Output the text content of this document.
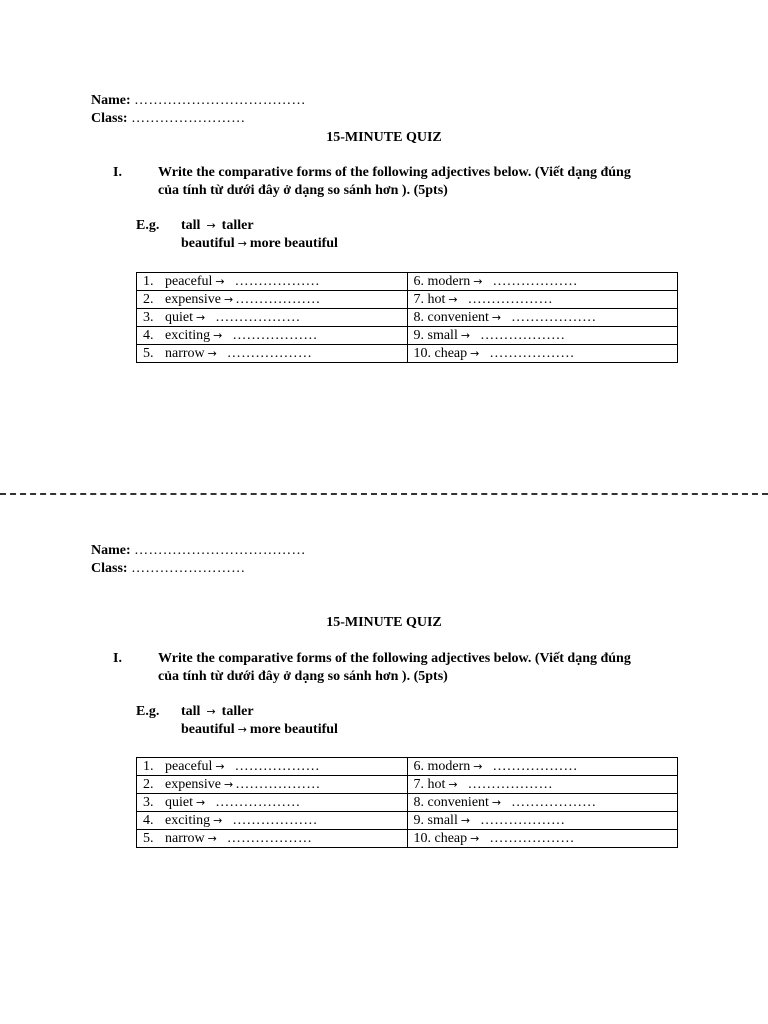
Name: ………………………………
Class: ……………………
15-MINUTE QUIZ
I.	Write the comparative forms of the following adjectives below. (Viết dạng đúng
của tính từ dưới đây ở dạng so sánh hơn ). (5pts)
E.g. tall → taller
beautiful → more beautiful
1. peaceful → ………………	6. modern → ………………
2. expensive → ………………	7. hot → ………………
3. quiet → ………………	8. convenient → ………………
4. exciting → ………………	9. small → ………………
5. narrow → ………………	10. cheap → ………………
Name: ………………………………
Class: ……………………
15-MINUTE QUIZ
I.	Write the comparative forms of the following adjectives below. (Viết dạng đúng
của tính từ dưới đây ở dạng so sánh hơn ). (5pts)
E.g. tall → taller
beautiful → more beautiful
1. peaceful → ………………	6. modern → ………………
2. expensive → ………………	7. hot → ………………
3. quiet → ………………	8. convenient → ………………
4. exciting → ………………	9. small → ………………
5. narrow → ………………	10. cheap → ………………
